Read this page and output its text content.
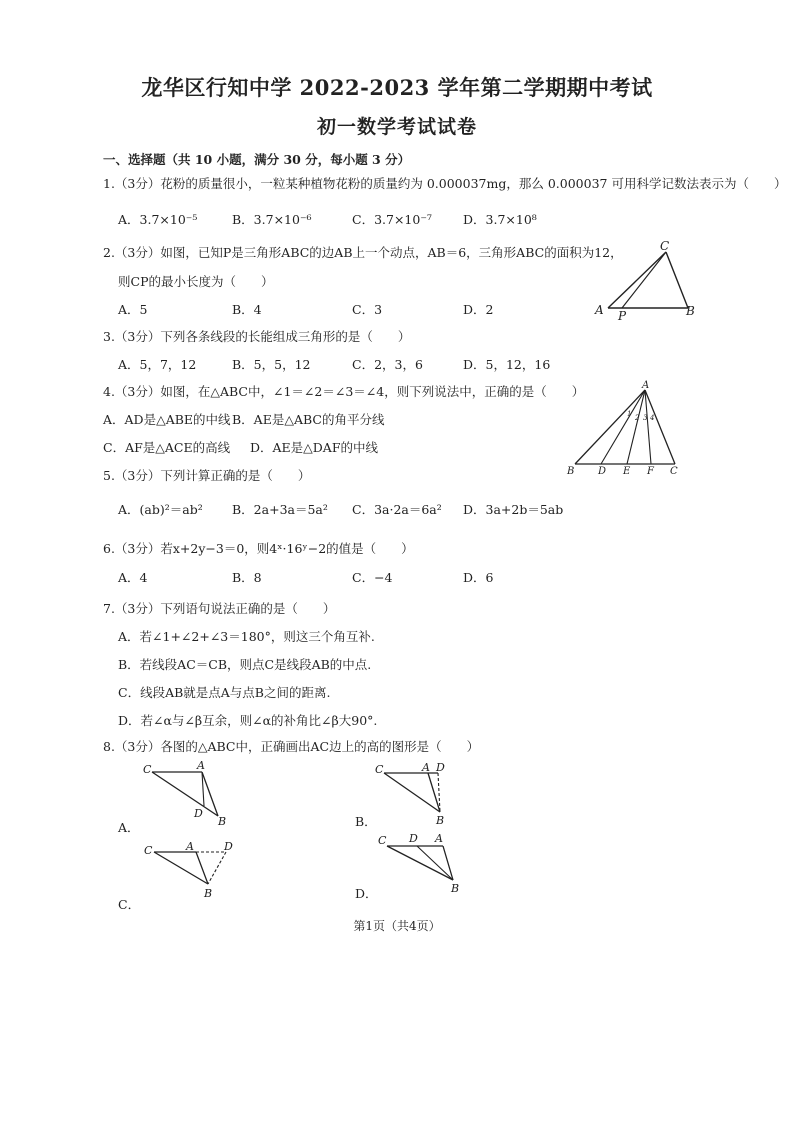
龙华区行知中学 2022-2023 学年第二学期期中考试
初一数学考试试卷
一、选择题（共 10 小题，满分 30 分，每小题 3 分）
1.（3分）花粉的质量很小，一粒某种植物花粉的质量约为 0.000037mg，那么 0.000037 可用科学记数法表示为（　　）
A．3.7×10⁻⁵	B．3.7×10⁻⁶	C．3.7×10⁻⁷ D．3.7×10⁸
2.（3分）如图，已知P是三角形ABC的边AB上一个动点，AB＝6，三角形ABC的面积为12，
则CP的最小长度为（　　）
A．5	B．4	C．3	D．2
C
A	B
P
3.（3分）下列各条线段的长能组成三角形的是（　　）
A．5，7，12	B．5，5，12	C．2，3，6	D．5，12，16
4.（3分）如图，在△ABC中，∠1＝∠2＝∠3＝∠4，则下列说法中，正确的是（　　）
A．AD是△ABE的中线 B．AE是△ABC的角平分线
C．AF是△ACE的高线 D．AE是△DAF的中线
A
B D E F C
1 2 3 4
5.（3分）下列计算正确的是（　　）
A．(ab)²＝ab² B．2a+3a＝5a² C．3a·2a＝6a² D．3a+2b＝5ab
6.（3分）若x+2y−3＝0，则4ˣ·16ʸ−2的值是（　　）
A．4	B．8	C．−4	D．6
7.（3分）下列语句说法正确的是（　　）
A．若∠1+∠2+∠3＝180°，则这三个角互补.
B．若线段AC＝CB，则点C是线段AB的中点.
C．线段AB就是点A与点B之间的距离.
D．若∠α与∠β互余，则∠α的补角比∠β大90°.
8.（3分）各图的△ABC中，正确画出AC边上的高的图形是（　　）
C	A
D
B
A．
C	A D
B
B．
C	A	D
B
C．
C D A
B
D．
第1页（共4页）
